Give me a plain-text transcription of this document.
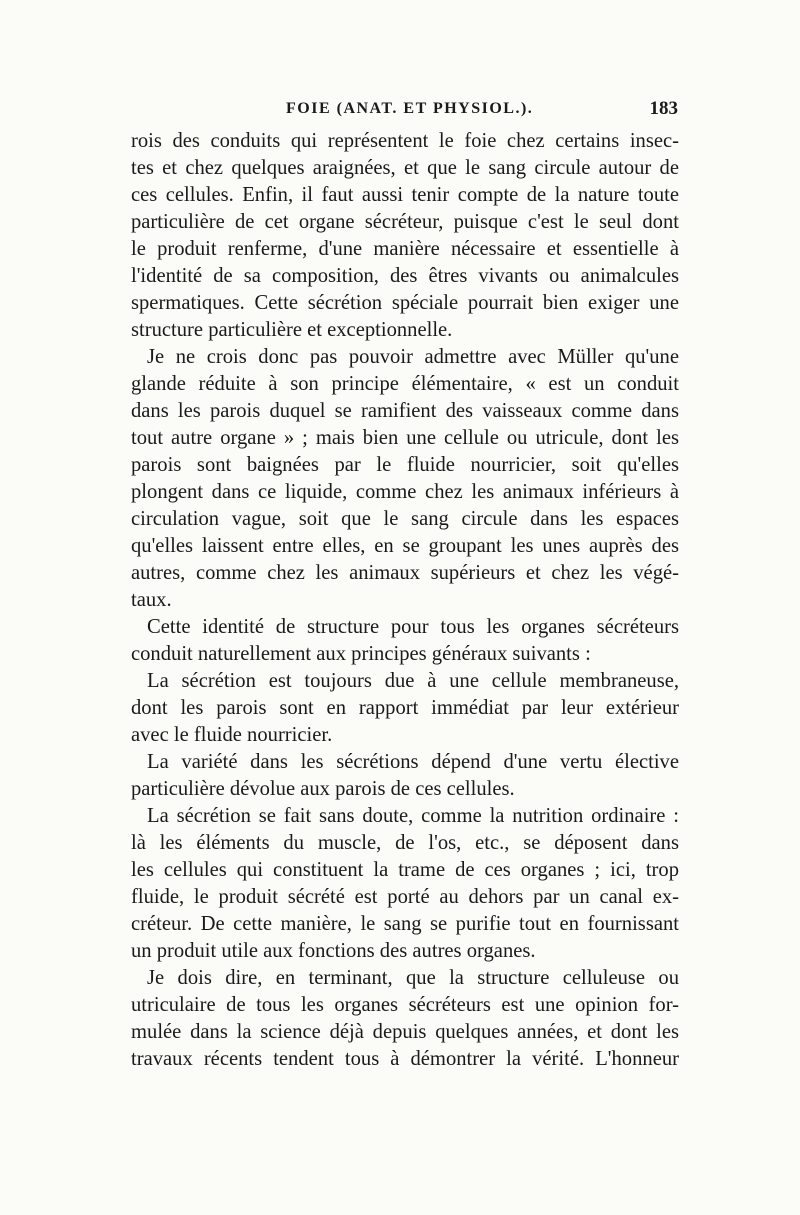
FOIE (ANAT. ET PHYSIOL.).	183
rois des conduits qui représentent le foie chez certains insec-
tes et chez quelques araignées, et que le sang circule autour de
ces cellules. Enfin, il faut aussi tenir compte de la nature toute
particulière de cet organe sécréteur, puisque c'est le seul dont
le produit renferme, d'une manière nécessaire et essentielle à
l'identité de sa composition, des êtres vivants ou animalcules
spermatiques. Cette sécrétion spéciale pourrait bien exiger une
structure particulière et exceptionnelle.
Je ne crois donc pas pouvoir admettre avec Müller qu'une
glande réduite à son principe élémentaire, « est un conduit
dans les parois duquel se ramifient des vaisseaux comme dans
tout autre organe » ; mais bien une cellule ou utricule, dont les
parois sont baignées par le fluide nourricier, soit qu'elles
plongent dans ce liquide, comme chez les animaux inférieurs à
circulation vague, soit que le sang circule dans les espaces
qu'elles laissent entre elles, en se groupant les unes auprès des
autres, comme chez les animaux supérieurs et chez les végé-
taux.
Cette identité de structure pour tous les organes sécréteurs
conduit naturellement aux principes généraux suivants :
La sécrétion est toujours due à une cellule membraneuse,
dont les parois sont en rapport immédiat par leur extérieur
avec le fluide nourricier.
La variété dans les sécrétions dépend d'une vertu élective
particulière dévolue aux parois de ces cellules.
La sécrétion se fait sans doute, comme la nutrition ordinaire :
là les éléments du muscle, de l'os, etc., se déposent dans
les cellules qui constituent la trame de ces organes ; ici, trop
fluide, le produit sécrété est porté au dehors par un canal ex-
créteur. De cette manière, le sang se purifie tout en fournissant
un produit utile aux fonctions des autres organes.
Je dois dire, en terminant, que la structure celluleuse ou
utriculaire de tous les organes sécréteurs est une opinion for-
mulée dans la science déjà depuis quelques années, et dont les
travaux récents tendent tous à démontrer la vérité. L'honneur
